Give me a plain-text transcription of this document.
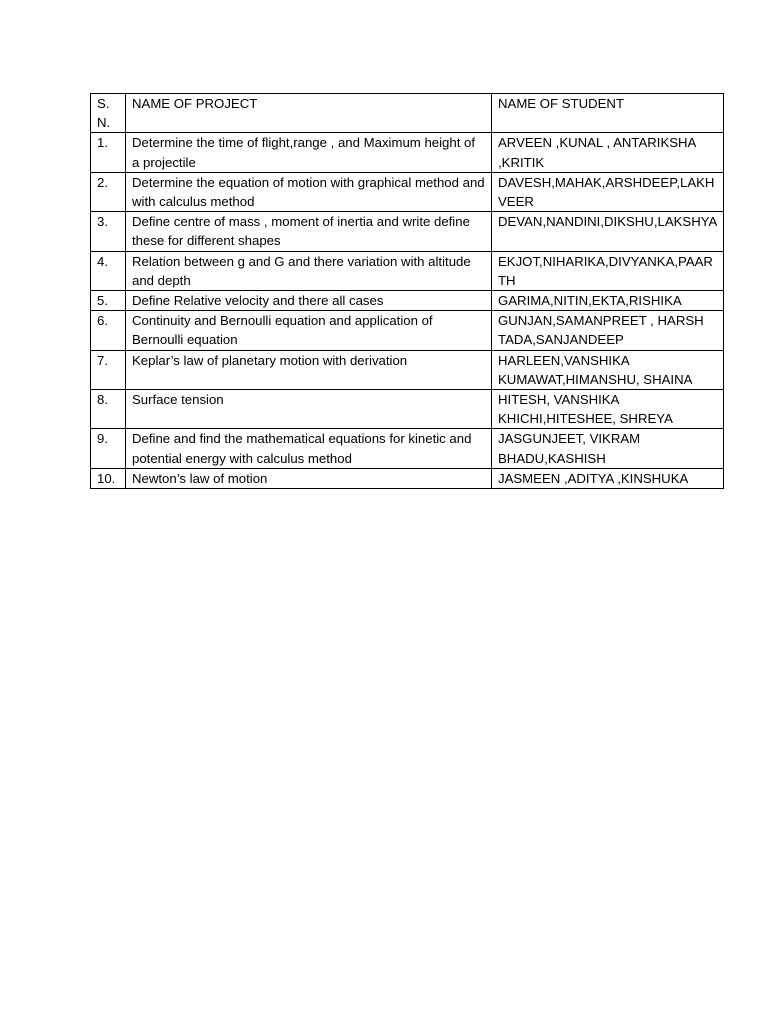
S. N.	NAME OF PROJECT	NAME OF STUDENT
1.	Determine the time of flight,range , and Maximum height of a projectile	ARVEEN ,KUNAL , ANTARIKSHA ,KRITIK
2.	Determine the equation of motion with graphical method and with calculus method	DAVESH,MAHAK,ARSHDEEP,LAKHVEER
3.	Define centre of mass , moment of inertia and write define these for different shapes	DEVAN,NANDINI,DIKSHU,LAKSHYA
4.	Relation between g and G and there variation with altitude and depth	EKJOT,NIHARIKA,DIVYANKA,PAARTH
5.	Define Relative velocity and there all cases	GARIMA,NITIN,EKTA,RISHIKA
6.	Continuity and Bernoulli equation and application of Bernoulli equation	GUNJAN,SAMANPREET , HARSH TADA,SANJANDEEP
7.	Keplar’s law of planetary motion with derivation	HARLEEN,VANSHIKA KUMAWAT,HIMANSHU, SHAINA
8.	Surface tension	HITESH, VANSHIKA KHICHI,HITESHEE, SHREYA
9.	Define and find the mathematical equations for kinetic and potential energy with calculus method	JASGUNJEET, VIKRAM BHADU,KASHISH
10.	Newton’s law of motion	JASMEEN ,ADITYA ,KINSHUKA
